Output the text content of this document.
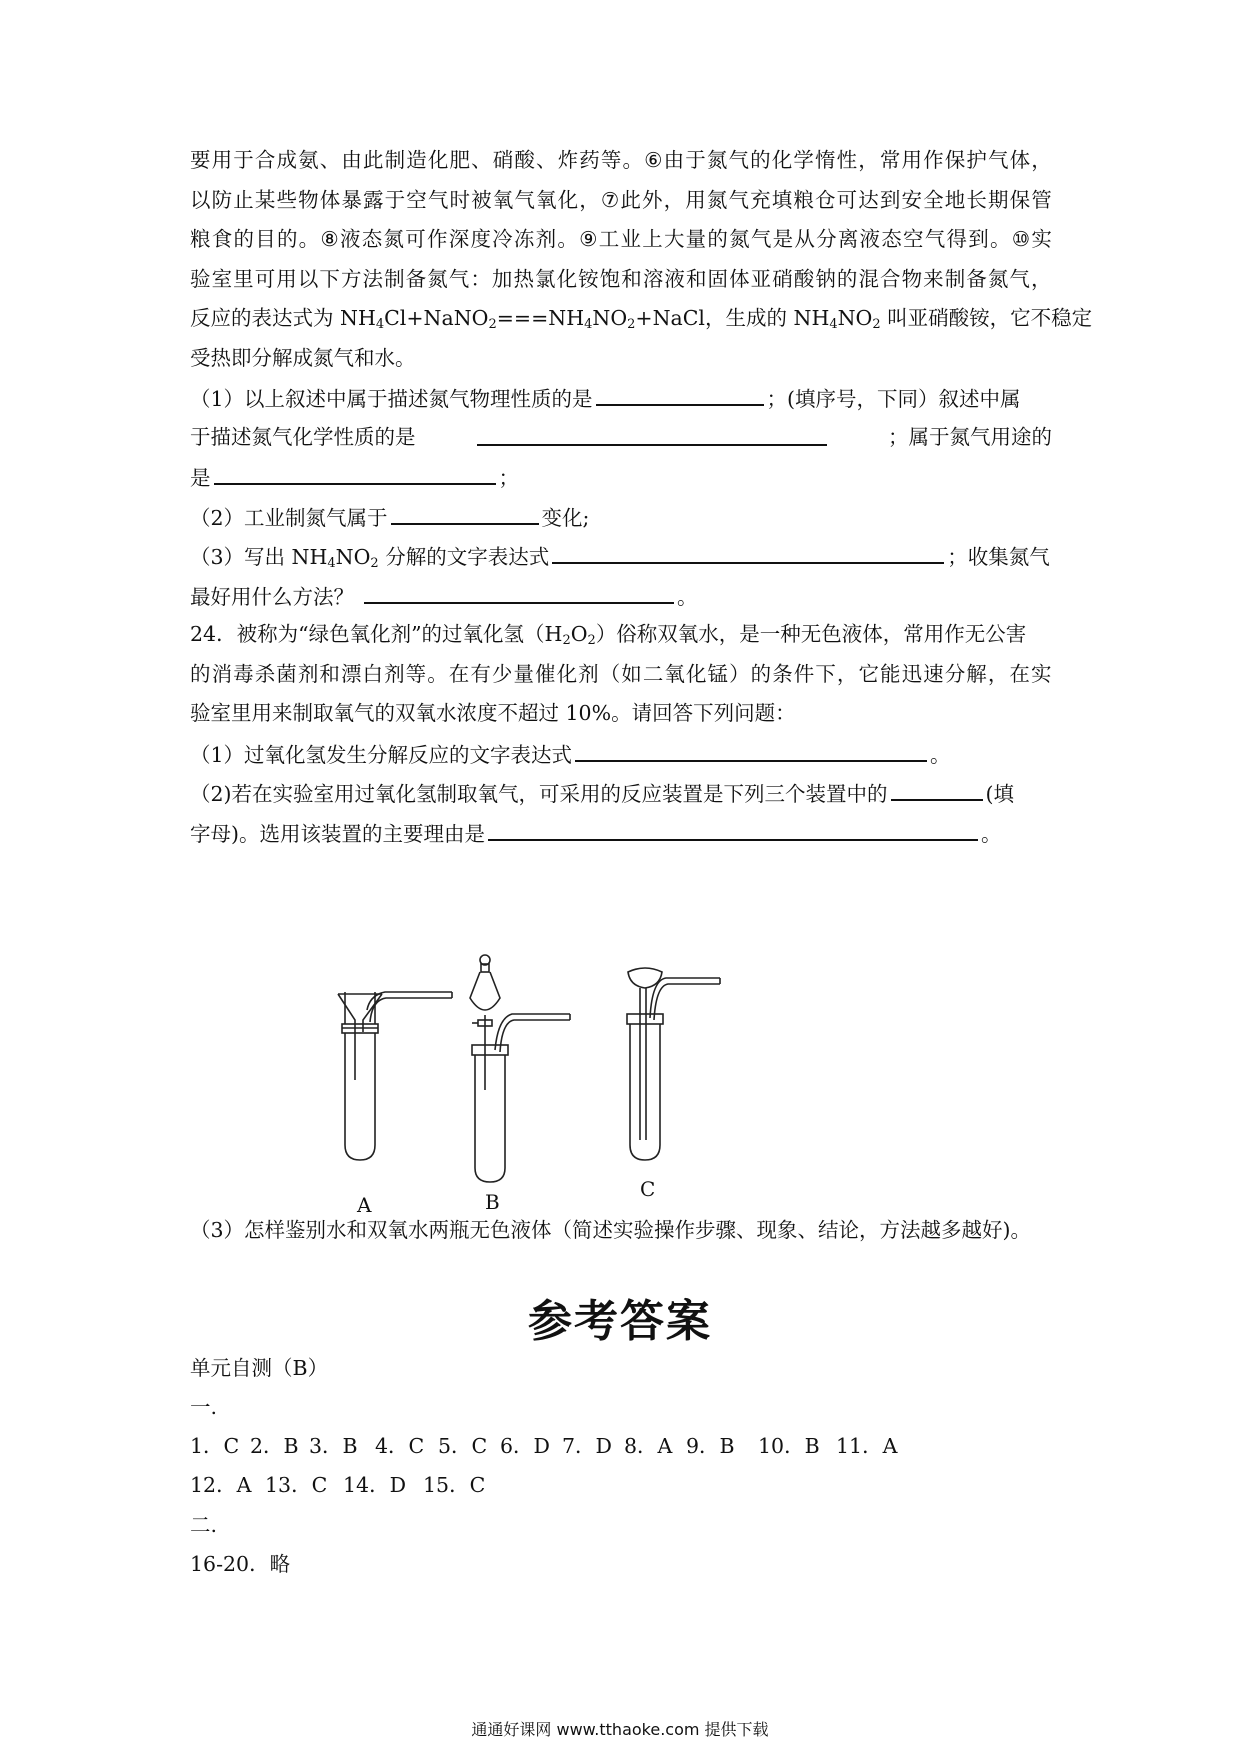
要 用 于 合 成 氨 、 由 此 制 造 化 肥 、 硝 酸 、 炸 药 等 。 ⑥ 由 于 氮 气 的 化 学 惰 性 ， 常 用 作 保 护 气 体 ，
以 防 止 某 些 物 体 暴 露 于 空 气 时 被 氧 气 氧 化 ， ⑦ 此 外 ， 用 氮 气 充 填 粮 仓 可 达 到 安 全 地 长 期 保 管
粮 食 的 目 的 。 ⑧ 液 态 氮 可 作 深 度 冷 冻 剂 。 ⑨ 工 业 上 大 量 的 氮 气 是 从 分 离 液 态 空 气 得 到 。 ⑩ 实
验 室 里 可 用 以 下 方 法 制 备 氮 气 ： 加 热 氯 化 铵 饱 和 溶 液 和 固 体 亚 硝 酸 钠 的 混 合 物 来 制 备 氮 气 ，
反应的表达式为 $NH_4Cl+NaNO_2===NH_4NO_2+NaCl$，生成的 $NH_4NO_2$ 叫亚硝酸铵，它不稳定
受热即分解成氮气和水。
（1）以上叙述中属于描述氮气物理性质的是	；(填序号，下同）叙述中属
于描述氮气化学性质的是	；属于氮气用途的
是	；
（2）工业制氮气属于	变化;
（3）写出 $NH_4NO_2$ 分解的文字表达式	；收集氮气
最好用什么方法？	。
24．被称为“绿色氧化剂”的过氧化氢$(H_2O_2)$俗称双氧水，是一种无色液体，常用作无公害
的 消 毒 杀 菌 剂 和 漂 白 剂 等 。 在 有 少 量 催 化 剂 （ 如 二 氧 化 锰 ） 的 条 件 下 ， 它 能 迅 速 分 解 ， 在 实
验室里用来制取氧气的双氧水浓度不超过 10%。请回答下列问题：
（1）过氧化氢发生分解反应的文字表达式	。
（2)若在实验室用过氧化氢制取氧气，可采用的反应装置是下列三个装置中的	(填
字母)。选用该装置的主要理由是	。
A	B
C
（3）怎样鉴别水和双氧水两瓶无色液体（简述实验操作步骤、现象、结论，方法越多越好)。
参考答案
单元自测（B）
一.
1．C 2．B 3．B 4．C 5．C 6．D 7．D 8．A 9．B 10．B 11．A
12．A 13．C 14．D 15．C
二.
16-20．略
通通好课网 www.tthaoke.com 提供下载
